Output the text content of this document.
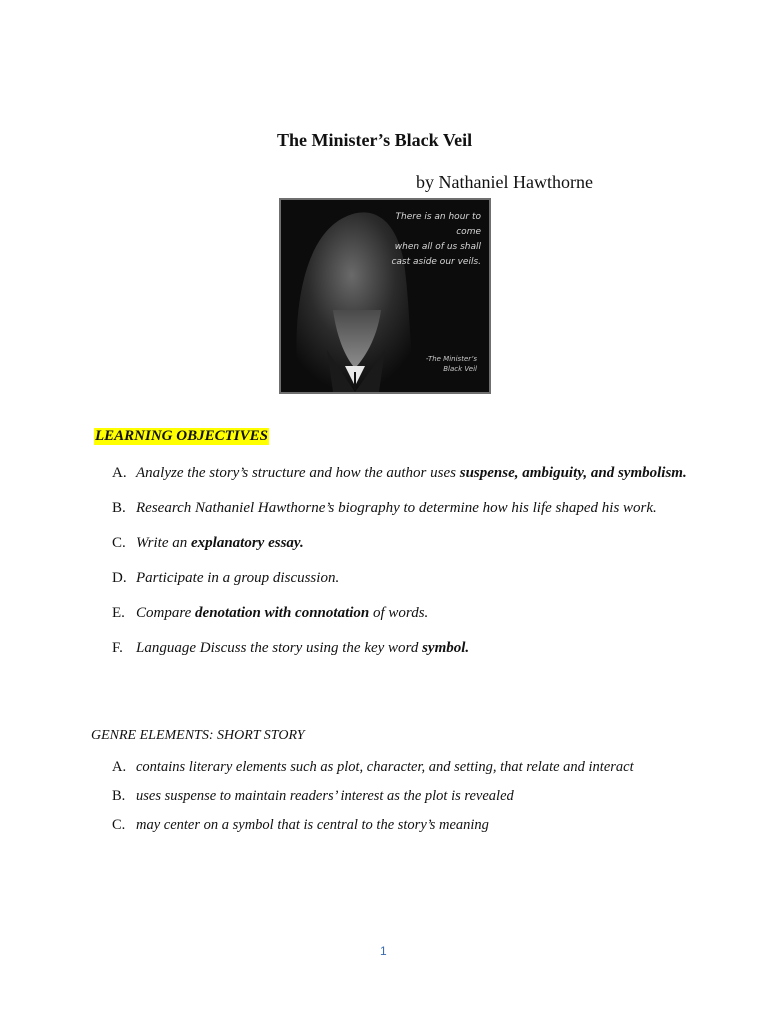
The Minister’s Black Veil
by Nathaniel Hawthorne
There is an hour to come
when all of us shall
cast aside our veils.
-The Minister’s
Black Veil
LEARNING OBJECTIVES
A. Analyze the story’s structure and how the author uses suspense, ambiguity, and symbolism.
B. Research Nathaniel Hawthorne’s biography to determine how his life shaped his work.
C. Write an explanatory essay.
D. Participate in a group discussion.
E. Compare denotation with connotation of words.
F. Language Discuss the story using the key word symbol.
GENRE ELEMENTS: SHORT STORY
A. contains literary elements such as plot, character, and setting, that relate and interact
B. uses suspense to maintain readers’ interest as the plot is revealed
C. may center on a symbol that is central to the story’s meaning
1
